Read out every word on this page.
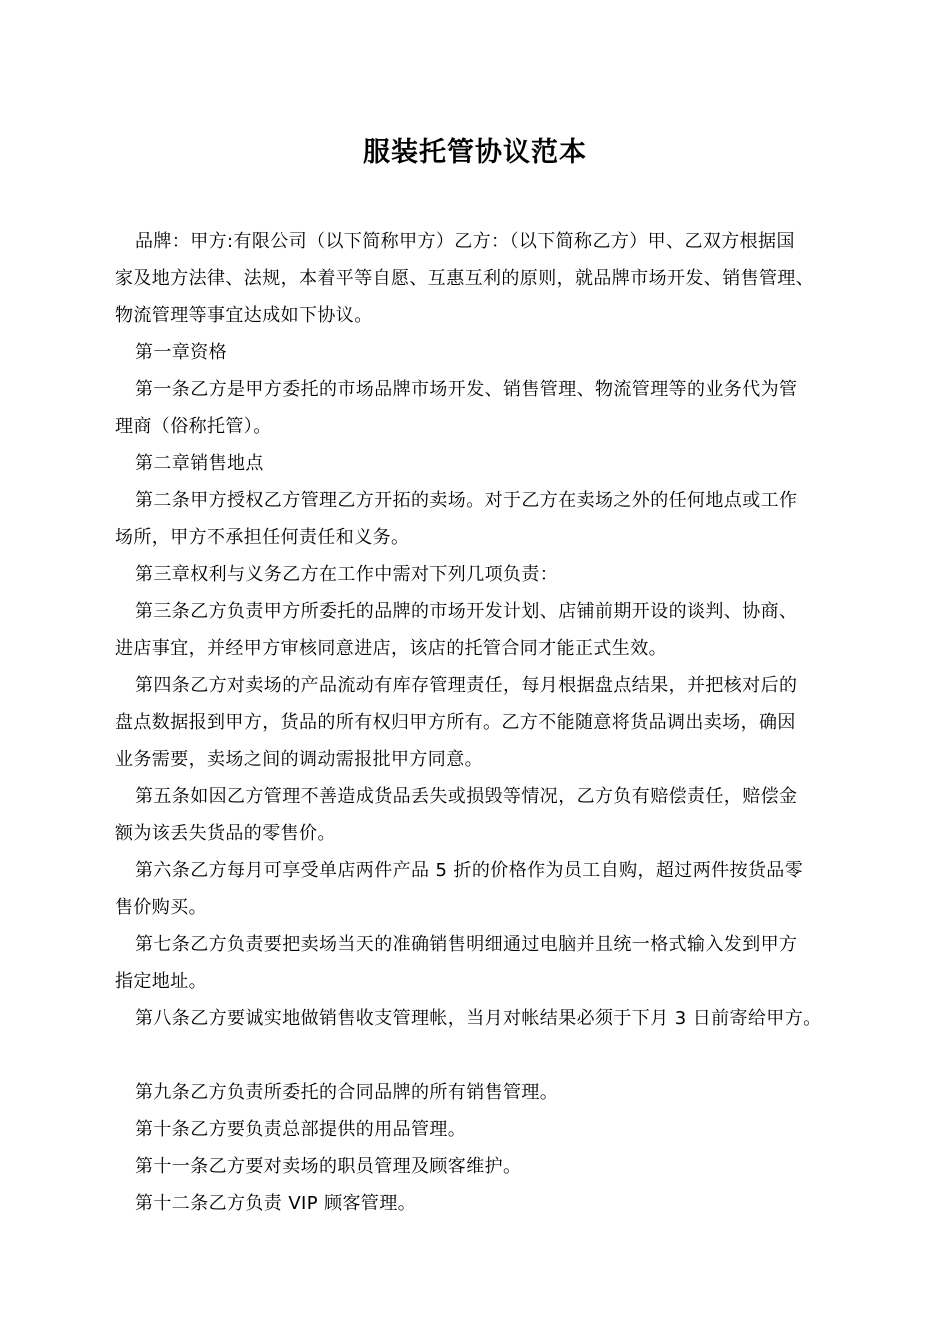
服装托管协议范本

品牌：甲方:有限公司（以下简称甲方）乙方：（以下简称乙方）甲、乙双方根据国
家及地方法律、法规，本着平等自愿、互惠互利的原则，就品牌市场开发、销售管理、
物流管理等事宜达成如下协议。

第一章资格

第一条乙方是甲方委托的市场品牌市场开发、销售管理、物流管理等的业务代为管
理商（俗称托管）。

第二章销售地点

第二条甲方授权乙方管理乙方开拓的卖场。对于乙方在卖场之外的任何地点或工作
场所，甲方不承担任何责任和义务。

第三章权利与义务乙方在工作中需对下列几项负责：

第三条乙方负责甲方所委托的品牌的市场开发计划、店铺前期开设的谈判、协商、
进店事宜，并经甲方审核同意进店，该店的托管合同才能正式生效。

第四条乙方对卖场的产品流动有库存管理责任，每月根据盘点结果，并把核对后的
盘点数据报到甲方，货品的所有权归甲方所有。乙方不能随意将货品调出卖场，确因
业务需要，卖场之间的调动需报批甲方同意。

第五条如因乙方管理不善造成货品丢失或损毁等情况，乙方负有赔偿责任，赔偿金
额为该丢失货品的零售价。

第六条乙方每月可享受单店两件产品 5 折的价格作为员工自购，超过两件按货品零
售价购买。

第七条乙方负责要把卖场当天的准确销售明细通过电脑并且统一格式输入发到甲方
指定地址。

第八条乙方要诚实地做销售收支管理帐，当月对帐结果必须于下月 3 日前寄给甲方。

第九条乙方负责所委托的合同品牌的所有销售管理。

第十条乙方要负责总部提供的用品管理。

第十一条乙方要对卖场的职员管理及顾客维护。

第十二条乙方负责 VIP 顾客管理。
